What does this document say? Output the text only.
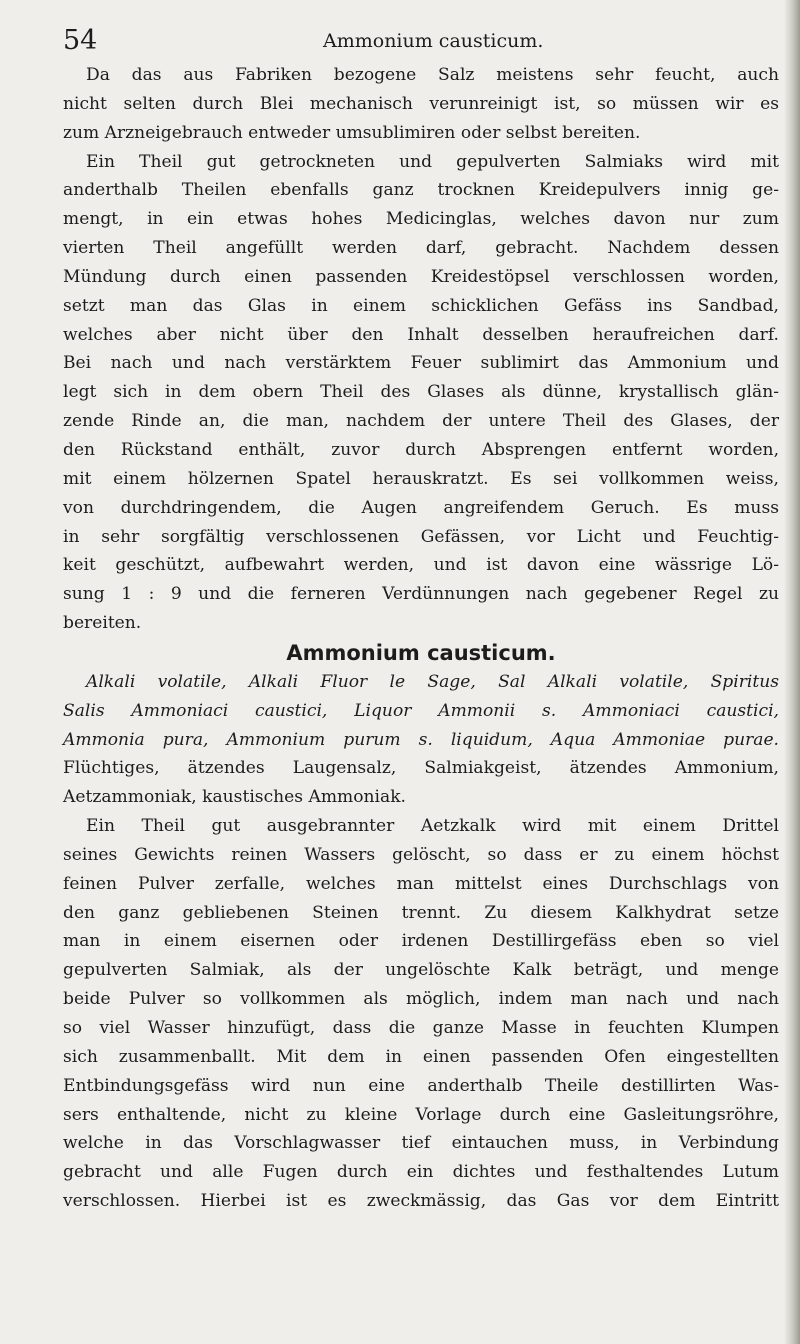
54	Ammonium causticum.
Da das aus Fabriken bezogene Salz meistens sehr feucht, auch
nicht selten durch Blei mechanisch verunreinigt ist, so müssen wir es
zum Arzneigebrauch entweder umsublimiren oder selbst bereiten.
Ein Theil gut getrockneten und gepulverten Salmiaks wird mit
anderthalb Theilen ebenfalls ganz trocknen Kreidepulvers innig ge-
mengt, in ein etwas hohes Medicinglas, welches davon nur zum
vierten Theil angefüllt werden darf, gebracht. Nachdem dessen
Mündung durch einen passenden Kreidestöpsel verschlossen worden,
setzt man das Glas in einem schicklichen Gefäss ins Sandbad,
welches aber nicht über den Inhalt desselben heraufreichen darf.
Bei nach und nach verstärktem Feuer sublimirt das Ammonium und
legt sich in dem obern Theil des Glases als dünne, krystallisch glän-
zende Rinde an, die man, nachdem der untere Theil des Glases, der
den Rückstand enthält, zuvor durch Absprengen entfernt worden,
mit einem hölzernen Spatel herauskratzt. Es sei vollkommen weiss,
von durchdringendem, die Augen angreifendem Geruch. Es muss
in sehr sorgfältig verschlossenen Gefässen, vor Licht und Feuchtig-
keit geschützt, aufbewahrt werden, und ist davon eine wässrige Lö-
sung 1 : 9 und die ferneren Verdünnungen nach gegebener Regel zu
bereiten.
Ammonium causticum.
Alkali volatile, Alkali Fluor le Sage, Sal Alkali volatile, Spiritus
Salis Ammoniaci caustici, Liquor Ammonii s. Ammoniaci caustici,
Ammonia pura, Ammonium purum s. liquidum, Aqua Ammoniae purae.
Flüchtiges, ätzendes Laugensalz, Salmiakgeist, ätzendes Ammonium,
Aetzammoniak, kaustisches Ammoniak.
Ein Theil gut ausgebrannter Aetzkalk wird mit einem Drittel
seines Gewichts reinen Wassers gelöscht, so dass er zu einem höchst
feinen Pulver zerfalle, welches man mittelst eines Durchschlags von
den ganz gebliebenen Steinen trennt. Zu diesem Kalkhydrat setze
man in einem eisernen oder irdenen Destillirgefäss eben so viel
gepulverten Salmiak, als der ungelöschte Kalk beträgt, und menge
beide Pulver so vollkommen als möglich, indem man nach und nach
so viel Wasser hinzufügt, dass die ganze Masse in feuchten Klumpen
sich zusammenballt. Mit dem in einen passenden Ofen eingestellten
Entbindungsgefäss wird nun eine anderthalb Theile destillirten Was-
sers enthaltende, nicht zu kleine Vorlage durch eine Gasleitungsröhre,
welche in das Vorschlagwasser tief eintauchen muss, in Verbindung
gebracht und alle Fugen durch ein dichtes und festhaltendes Lutum
verschlossen. Hierbei ist es zweckmässig, das Gas vor dem Eintritt
